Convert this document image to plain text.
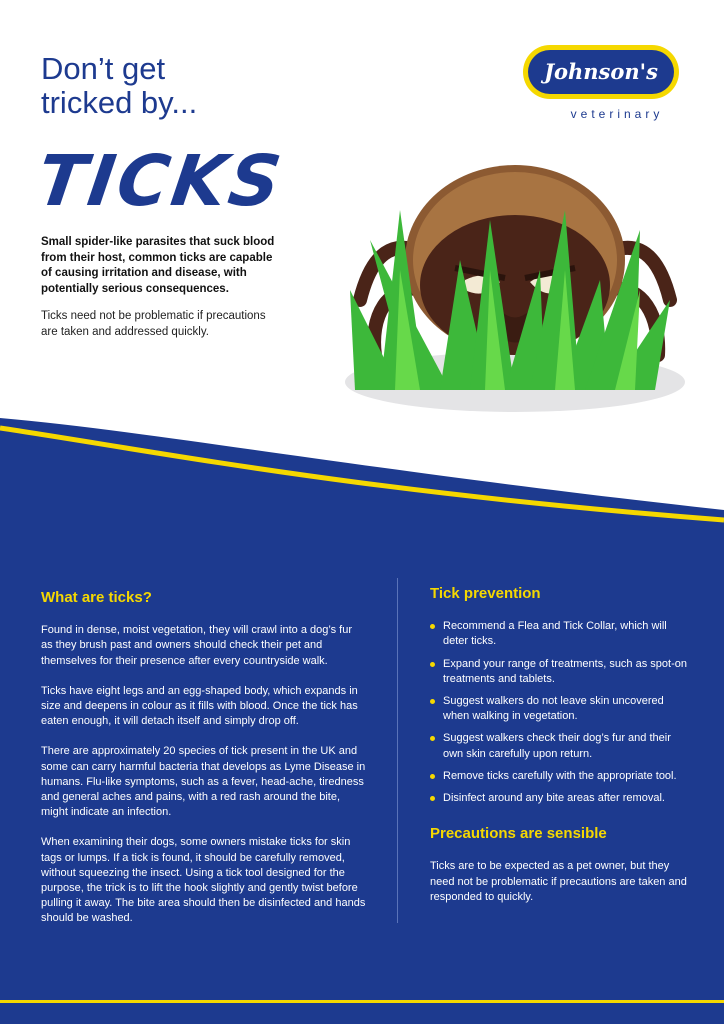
Don’t get
tricked by...
TICKS
Small spider-like parasites that suck blood from their host, common ticks are capable of causing irritation and disease, with potentially serious consequences.
Ticks need not be problematic if precautions are taken and addressed quickly.
Johnson's
veterinary
What are ticks?

Found in dense, moist vegetation, they will crawl into a dog’s fur as they brush past and owners should check their pet and themselves for their presence after every countryside walk.

Ticks have eight legs and an egg-shaped body, which expands in size and deepens in colour as it fills with blood. Once the tick has eaten enough, it will detach itself and simply drop off.

There are approximately 20 species of tick present in the UK and some can carry harmful bacteria that develops as Lyme Disease in humans. Flu-like symptoms, such as a fever, head-ache, tiredness and general aches and pains, with a red rash around the bite, might indicate an infection.

When examining their dogs, some owners mistake ticks for skin tags or lumps. If a tick is found, it should be carefully removed, without squeezing the insect. Using a tick tool designed for the purpose, the trick is to lift the hook slightly and gently twist before pulling it away. The bite area should then be disinfected and hands should be washed.

Tick prevention
Recommend a Flea and Tick Collar, which will deter ticks.
Expand your range of treatments, such as spot-on treatments and tablets.
Suggest walkers do not leave skin uncovered when walking in vegetation.
Suggest walkers check their dog’s fur and their own skin carefully upon return.
Remove ticks carefully with the appropriate tool.
Disinfect around any bite areas after removal.
Precautions are sensible

Ticks are to be expected as a pet owner, but they need not be problematic if precautions are taken and responded to quickly.
